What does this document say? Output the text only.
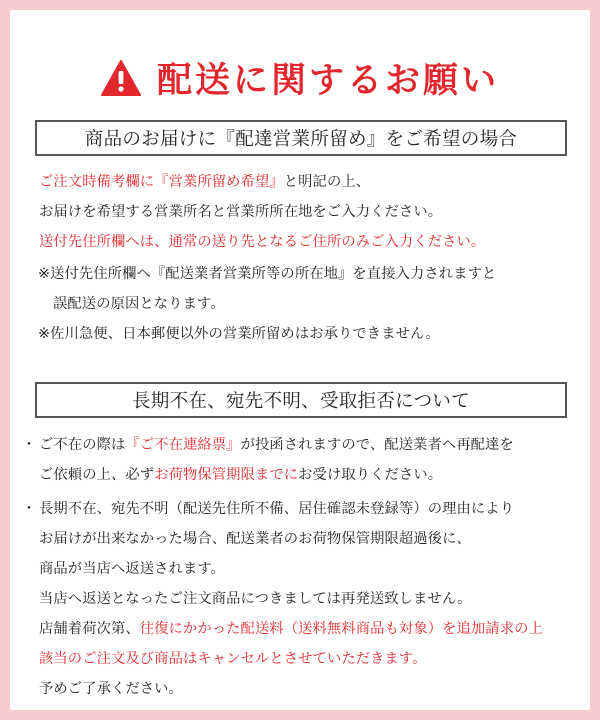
配送に関するお願い
商品のお届けに『配達営業所留め』をご希望の場合
ご注文時備考欄に『営業所留め希望』と明記の上、
お届けを希望する営業所名と営業所所在地をご入力ください。
送付先住所欄へは、通常の送り先となるご住所のみご入力ください。
※送付先住所欄へ『配送業者営業所等の所在地』を直接入力されますと
誤配送の原因となります。
※佐川急便、日本郵便以外の営業所留めはお承りできません。
長期不在、宛先不明、受取拒否について
・ ご不在の際は『ご不在連絡票』が投函されますので、配送業者へ再配達を
ご依頼の上、必ずお荷物保管期限までにお受け取りください。
・ 長期不在、宛先不明（配送先住所不備、居住確認未登録等）の理由により
お届けが出来なかった場合、配送業者のお荷物保管期限超過後に、
商品が当店へ返送されます。
当店へ返送となったご注文商品につきましては再発送致しません。
店舗着荷次第、往復にかかった配送料（送料無料商品も対象）を追加請求の上
該当のご注文及び商品はキャンセルとさせていただきます。
予めご了承ください。
